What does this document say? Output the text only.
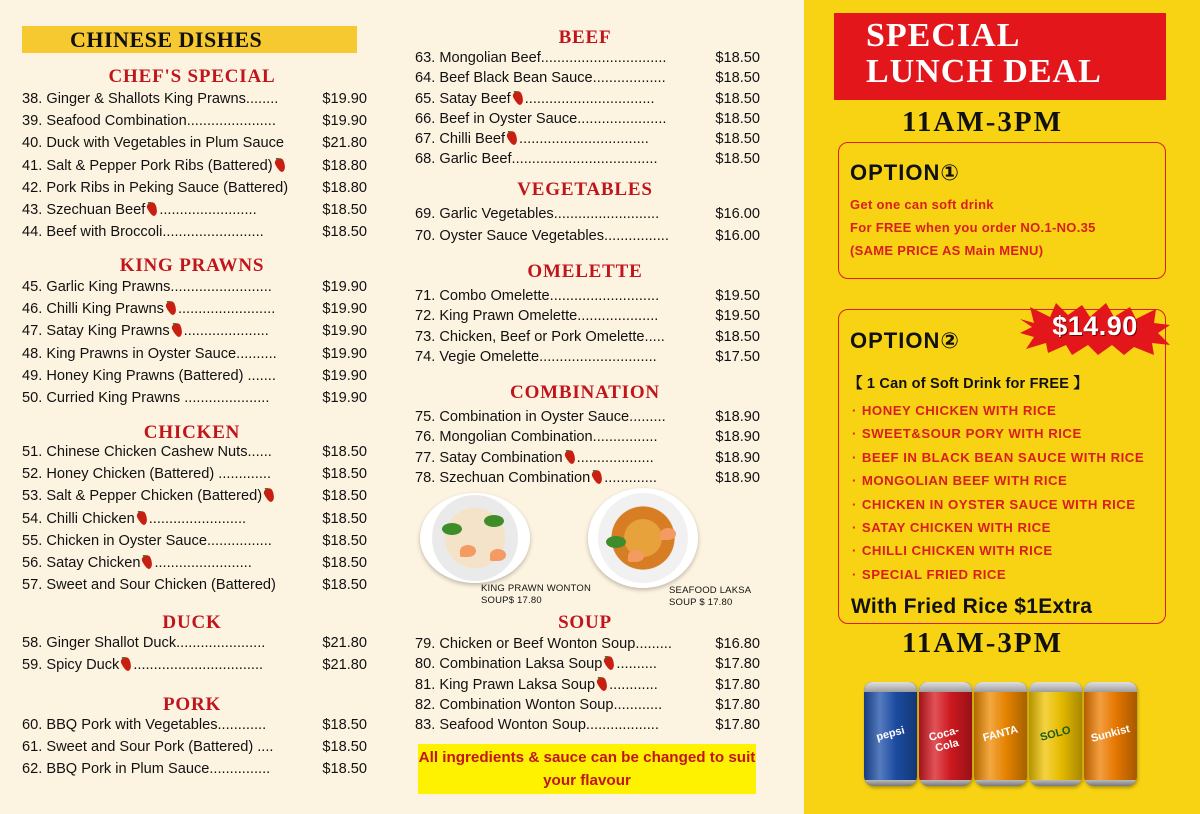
CHINESE DISHES
CHEF'S SPECIAL
38. Ginger & Shallots King Prawns........	$19.90
39. Seafood Combination......................	$19.90
40. Duck with Vegetables in Plum Sauce	$21.80
41. Salt & Pepper Pork Ribs (Battered)	$18.80
42. Pork Ribs in Peking Sauce (Battered)	$18.80
43. Szechuan Beef ........................	$18.50
44. Beef with Broccoli.........................	$18.50
KING PRAWNS
45. Garlic King Prawns.........................	$19.90
46. Chilli King Prawns ........................	$19.90
47. Satay King Prawns .....................	$19.90
48. King Prawns in Oyster Sauce..........	$19.90
49. Honey King Prawns (Battered) .......	$19.90
50. Curried King Prawns .....................	$19.90
CHICKEN
51. Chinese Chicken Cashew Nuts......	$18.50
52. Honey Chicken (Battered) .............	$18.50
53. Salt & Pepper Chicken (Battered)	$18.50
54. Chilli Chicken ........................	$18.50
55. Chicken in Oyster Sauce................	$18.50
56. Satay Chicken ........................	$18.50
57. Sweet and Sour Chicken (Battered)	$18.50
DUCK
58. Ginger Shallot Duck......................	$21.80
59. Spicy Duck ................................	$21.80
PORK
60. BBQ Pork with Vegetables............	$18.50
61. Sweet and Sour Pork (Battered) ....	$18.50
62. BBQ Pork in Plum Sauce...............	$18.50
BEEF
63. Mongolian Beef...............................	$18.50
64. Beef Black Bean Sauce..................	$18.50
65. Satay Beef ................................	$18.50
66. Beef in Oyster Sauce......................	$18.50
67. Chilli Beef ................................	$18.50
68. Garlic Beef....................................	$18.50
VEGETABLES
69. Garlic Vegetables..........................	$16.00
70. Oyster Sauce Vegetables................	$16.00
OMELETTE
71. Combo Omelette...........................	$19.50
72. King Prawn Omelette....................	$19.50
73. Chicken, Beef or Pork Omelette.....	$18.50
74. Vegie Omelette.............................	$17.50
COMBINATION
75. Combination in Oyster Sauce.........	$18.90
76. Mongolian Combination................	$18.90
77. Satay Combination ...................	$18.90
78. Szechuan Combination .............	$18.90
SOUP
79. Chicken or Beef Wonton Soup.........	$16.80
80. Combination Laksa Soup ..........	$17.80
81. King Prawn Laksa Soup ............	$17.80
82. Combination Wonton Soup............	$17.80
83. Seafood Wonton Soup..................	$17.80
KING PRAWN WONTON
SOUP$ 17.80
SEAFOOD LAKSA
SOUP $ 17.80
All ingredients & sauce can be changed to suit your flavour
SPECIAL
LUNCH DEAL
11AM-3PM
OPTION①
Get one can soft drink
For FREE when you order NO.1-NO.35
(SAME PRICE AS Main MENU)
OPTION②	$14.90
【 1 Can of Soft Drink for FREE 】
· HONEY CHICKEN WITH RICE
· SWEET&SOUR PORY WITH RICE
· BEEF IN BLACK BEAN SAUCE WITH RICE
· MONGOLIAN BEEF WITH RICE
· CHICKEN IN OYSTER SAUCE WITH RICE
· SATAY CHICKEN WITH RICE
· CHILLI CHICKEN WITH RICE
· SPECIAL FRIED RICE
With Fried Rice $1Extra
11AM-3PM
pepsi	Coca-Cola
FANTA	SOLO	Sunkist
